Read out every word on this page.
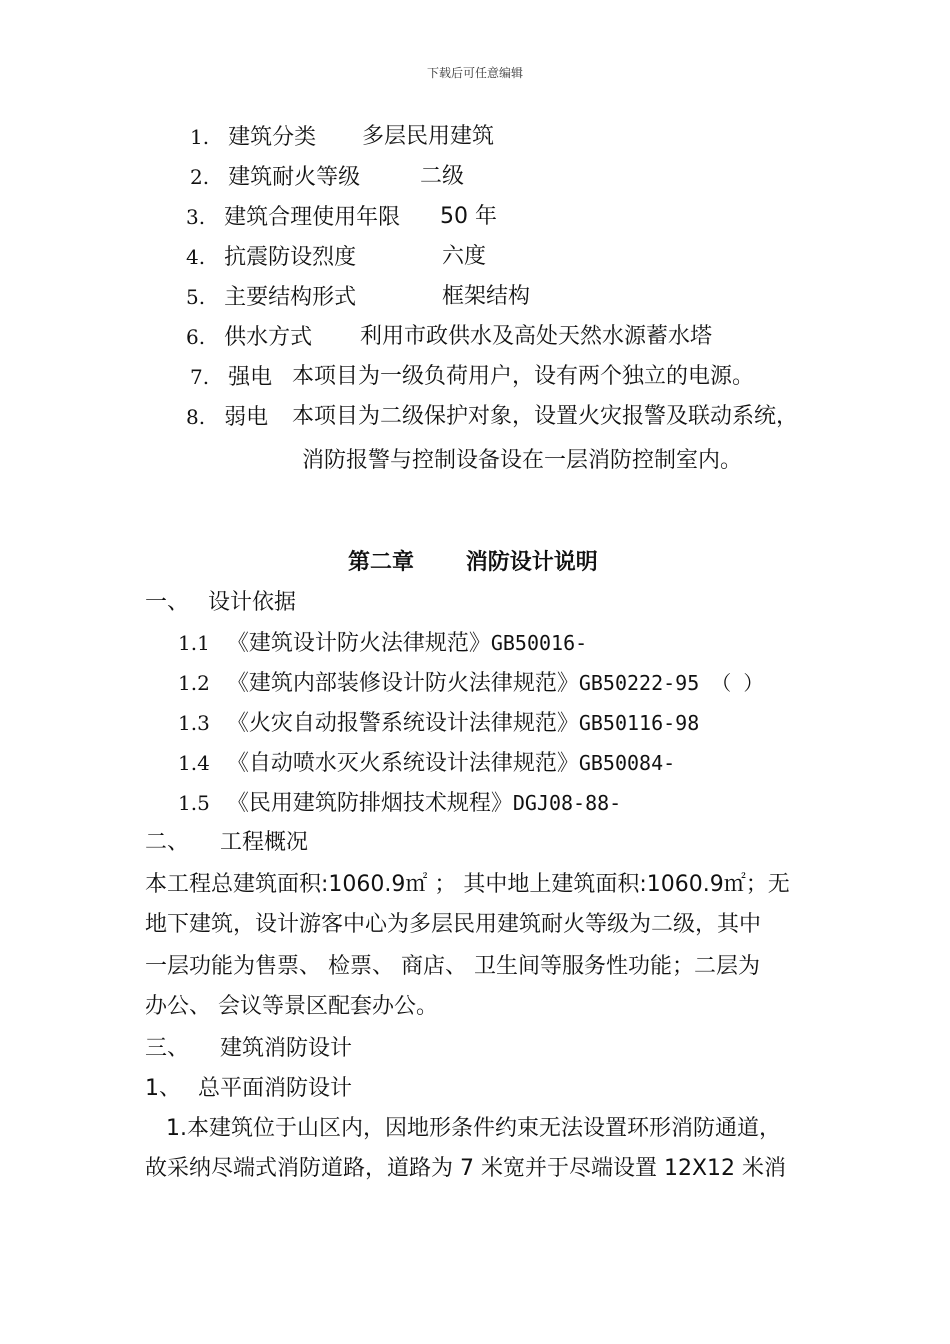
下载后可任意编辑
1. 建筑分类 多层民用建筑
2. 建筑耐火等级	二级
3. 建筑合理使用年限 50 年
4. 抗震防设烈度	六度
5. 主要结构形式	框架结构
6. 供水方式 利用市政供水及高处天然水源蓄水塔
7. 强电 本项目为一级负荷用户，设有两个独立的电源。
8. 弱电 本项目为二级保护对象，设置火灾报警及联动系统，
消防报警与控制设备设在一层消防控制室内。
第二章 消防设计说明
一、 设计依据
1.1 《建筑设计防火法律规范》GB50016-
1.2 《建筑内部装修设计防火法律规范》GB50222-95 （ ）
1.3 《火灾自动报警系统设计法律规范》GB50116-98
1.4 《自动喷水灭火系统设计法律规范》GB50084-
1.5 《民用建筑防排烟技术规程》DGJ08-88-
二、 工程概况
本工程总建筑面积:1060.9㎡ ； 其中地上建筑面积:1060.9㎡；无
地下建筑，设计游客中心为多层民用建筑耐火等级为二级，其中
一层功能为售票、 检票、 商店、 卫生间等服务性功能；二层为
办公、 会议等景区配套办公。
三、 建筑消防设计
1、 总平面消防设计
1.本建筑位于山区内，因地形条件约束无法设置环形消防通道，
故采纳尽端式消防道路，道路为 7 米宽并于尽端设置 12X12 米消
